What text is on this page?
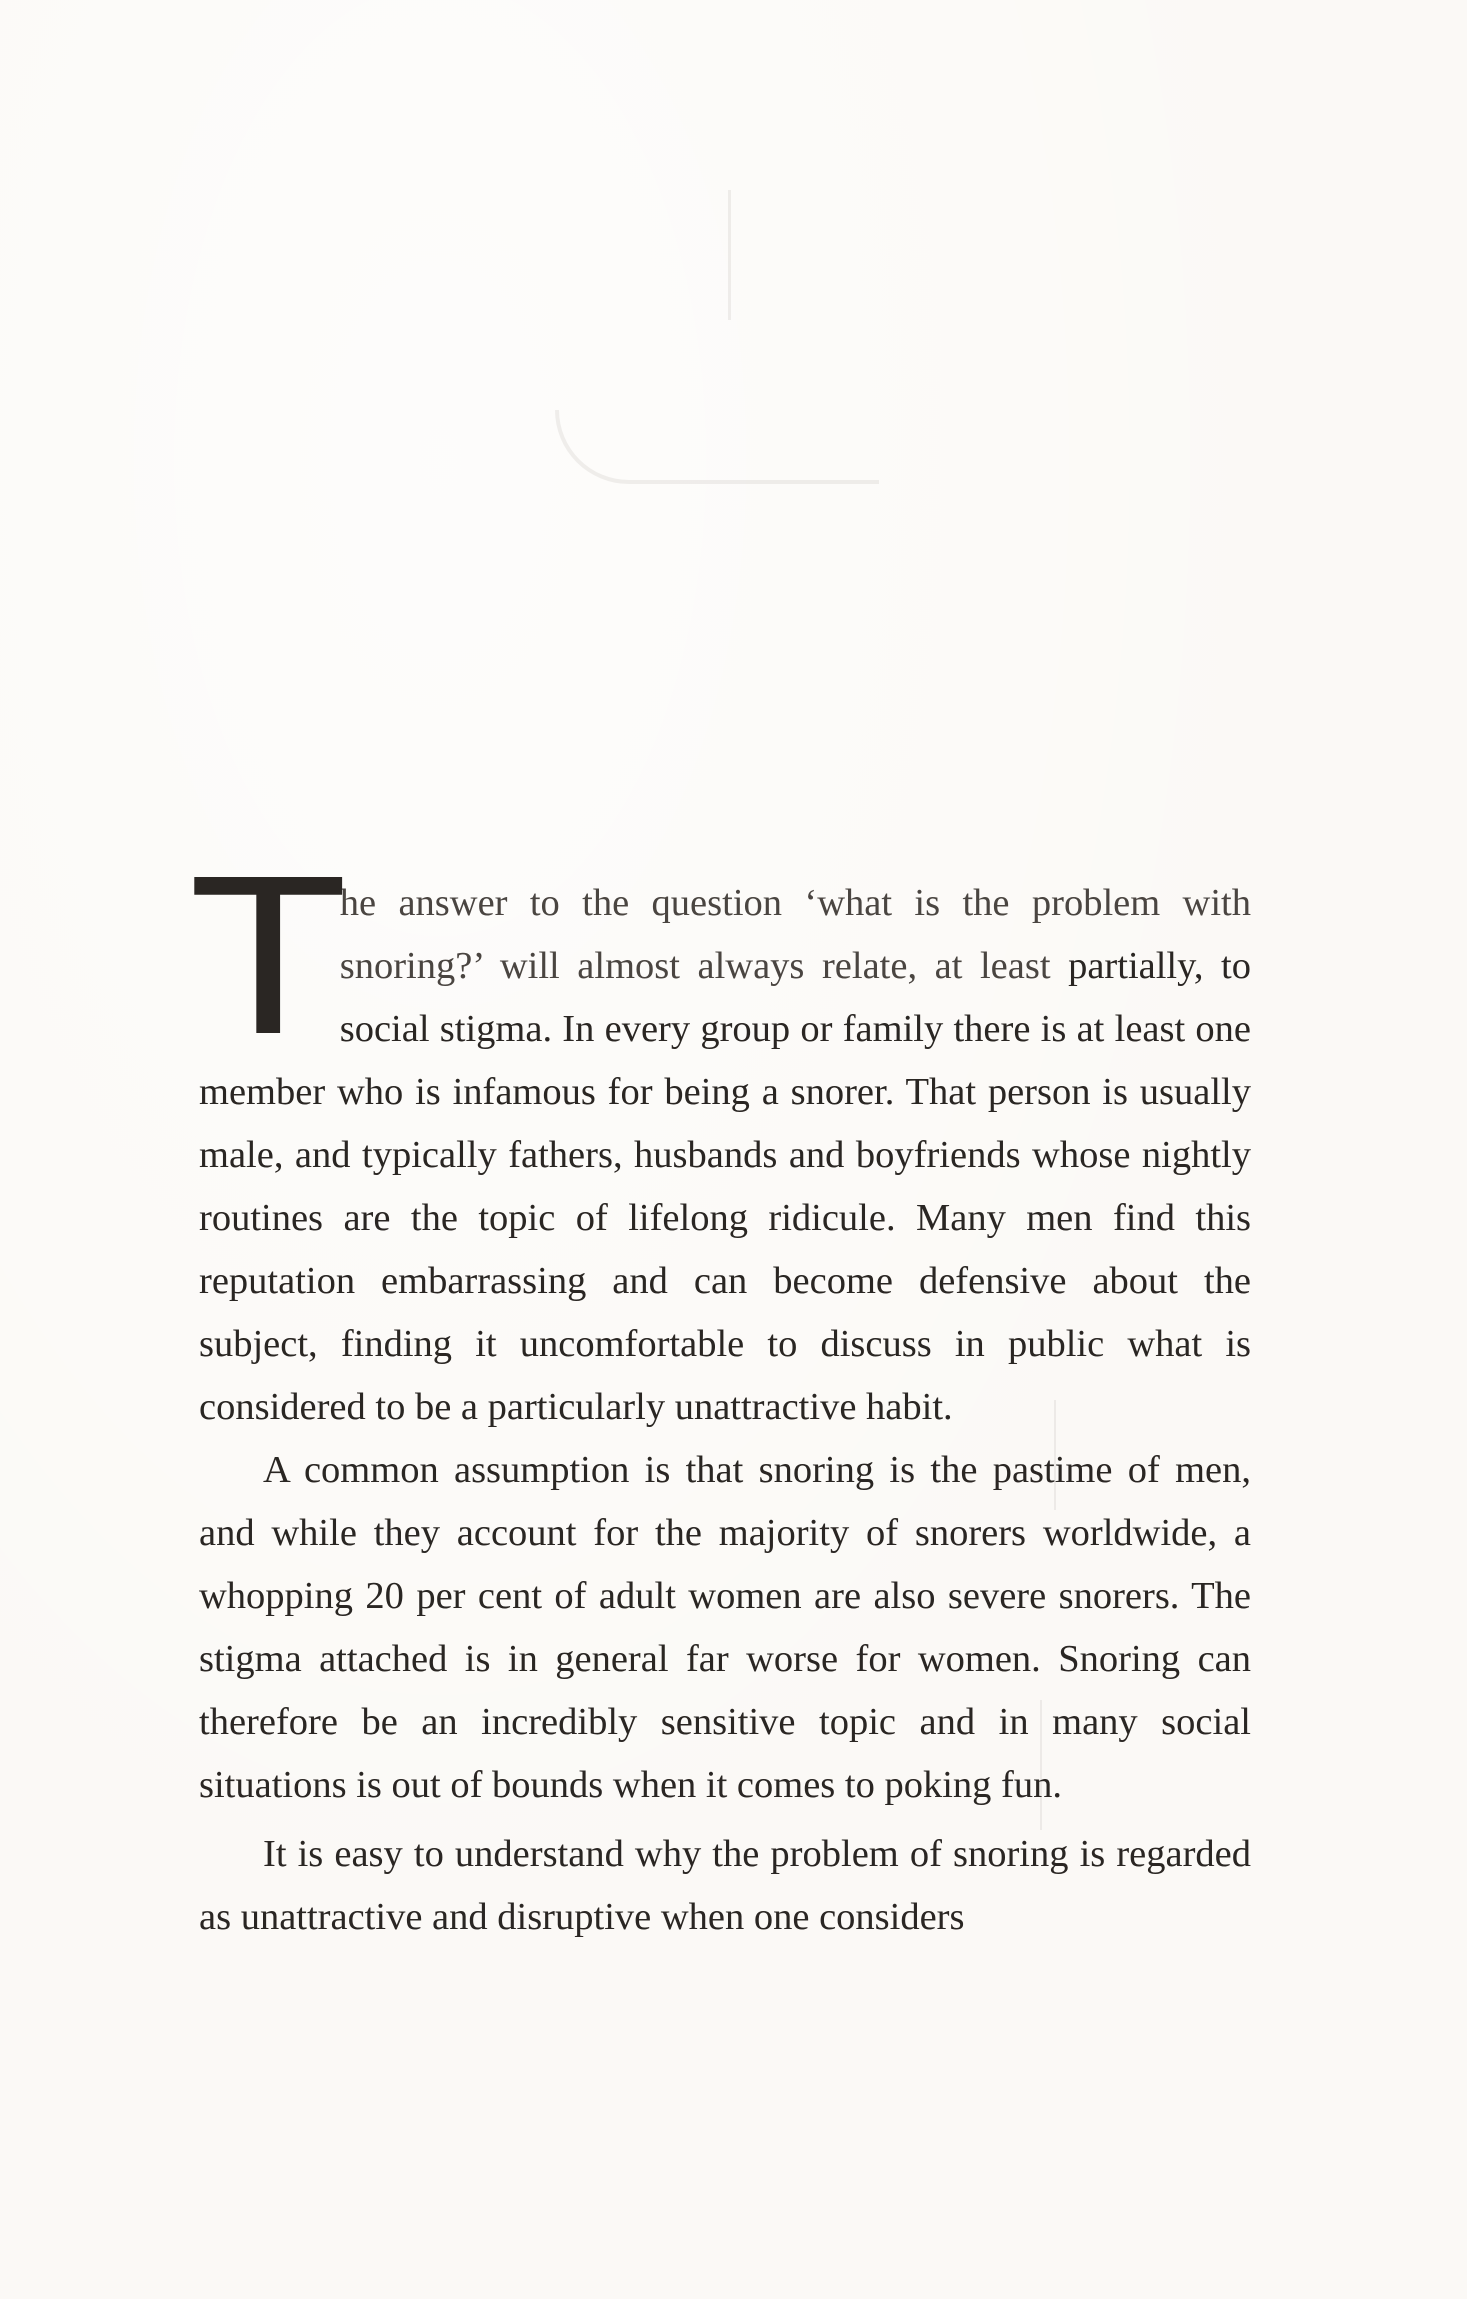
T
he answer to the question ‘what is the problem with snoring?’ will almost always relate, at least partially, to social stigma. In every group or family there is at least one member who is infamous for being a snorer. That person is usually male, and typically fathers, husbands and boyfriends whose nightly routines are the topic of lifelong ridicule. Many men find this reputation embarrassing and can become defensive about the subject, finding it uncomfortable to discuss in public what is considered to be a particularly unattractive habit.

A common assumption is that snoring is the pastime of men, and while they account for the majority of snorers worldwide, a whopping 20 per cent of adult women are also severe snorers. The stigma attached is in general far worse for women. Snoring can therefore be an incredibly sensitive topic and in many social situations is out of bounds when it comes to poking fun.

It is easy to understand why the problem of snoring is regarded as unattractive and disruptive when one considers
